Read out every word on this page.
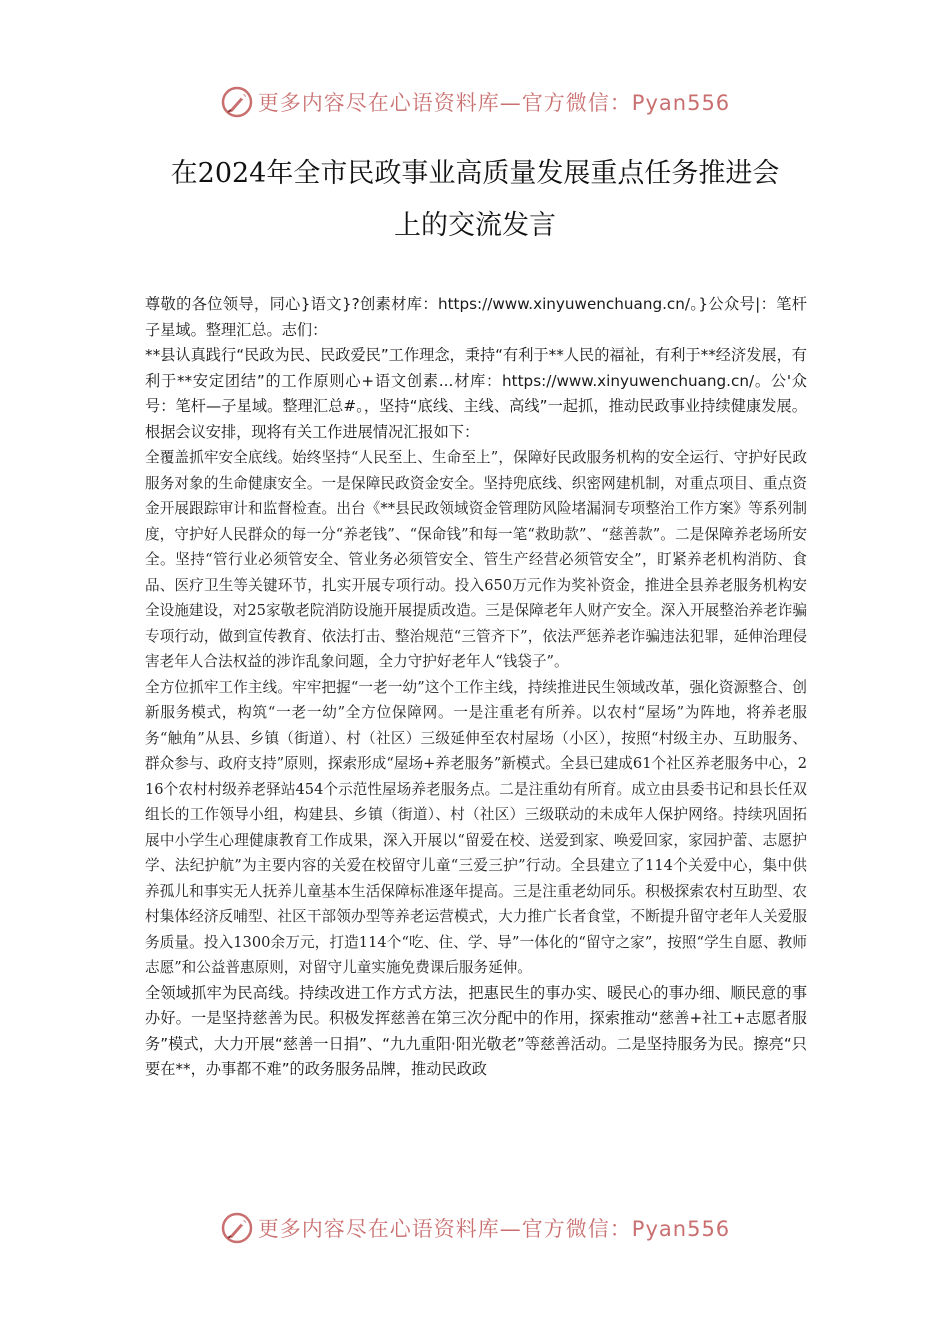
更多内容尽在心语资料库—官方微信：Pyan556
在2024年全市民政事业高质量发展重点任务推进会
上的交流发言

尊敬的各位领导，同心}语文}?创素材库：https://www.xinyuwenchuang.cn/。}公众号|：笔杆子星域。整理汇总。志们：

**县认真践行“民政为民、民政爱民”工作理念，秉持“有利于**人民的福祉，有利于**经济发展，有利于**安定团结”的工作原则心+语文创素...材库：https://www.xinyuwenchuang.cn/。公'众号：笔杆—子星域。整理汇总#。，坚持“底线、主线、高线”一起抓，推动民政事业持续健康发展。根据会议安排，现将有关工作进展情况汇报如下：

全覆盖抓牢安全底线。始终坚持“人民至上、生命至上”，保障好民政服务机构的安全运行、守护好民政服务对象的生命健康安全。一是保障民政资金安全。坚持兜底线、织密网建机制，对重点项目、重点资金开展跟踪审计和监督检查。出台《**县民政领域资金管理防风险堵漏洞专项整治工作方案》等系列制度，守护好人民群众的每一分“养老钱”、“保命钱”和每一笔“救助款”、“慈善款”。二是保障养老场所安全。坚持“管行业必须管安全、管业务必须管安全、管生产经营必须管安全”，盯紧养老机构消防、食品、医疗卫生等关键环节，扎实开展专项行动。投入650万元作为奖补资金，推进全县养老服务机构安全设施建设，对25家敬老院消防设施开展提质改造。三是保障老年人财产安全。深入开展整治养老诈骗专项行动，做到宣传教育、依法打击、整治规范“三管齐下”，依法严惩养老诈骗违法犯罪，延伸治理侵害老年人合法权益的涉诈乱象问题，全力守护好老年人“钱袋子”。

全方位抓牢工作主线。牢牢把握“一老一幼”这个工作主线，持续推进民生领域改革，强化资源整合、创新服务模式，构筑“一老一幼”全方位保障网。一是注重老有所养。以农村“屋场”为阵地，将养老服务“触角”从县、乡镇（街道）、村（社区）三级延伸至农村屋场（小区），按照“村级主办、互助服务、群众参与、政府支持”原则，探索形成“屋场+养老服务”新模式。全县已建成61个社区养老服务中心，216个农村村级养老驿站454个示范性屋场养老服务点。二是注重幼有所育。成立由县委书记和县长任双组长的工作领导小组，构建县、乡镇（街道）、村（社区）三级联动的未成年人保护网络。持续巩固拓展中小学生心理健康教育工作成果，深入开展以“留爱在校、送爱到家、唤爱回家，家园护蕾、志愿护学、法纪护航”为主要内容的关爱在校留守儿童“三爱三护”行动。全县建立了114个关爱中心，集中供养孤儿和事实无人抚养儿童基本生活保障标准逐年提高。三是注重老幼同乐。积极探索农村互助型、农村集体经济反哺型、社区干部领办型等养老运营模式，大力推广长者食堂，不断提升留守老年人关爱服务质量。投入1300余万元，打造114个“吃、住、学、导”一体化的“留守之家”，按照“学生自愿、教师志愿”和公益普惠原则，对留守儿童实施免费课后服务延伸。

全领域抓牢为民高线。持续改进工作方式方法，把惠民生的事办实、暖民心的事办细、顺民意的事办好。一是坚持慈善为民。积极发挥慈善在第三次分配中的作用，探索推动“慈善+社工+志愿者服务”模式，大力开展“慈善一日捐”、“九九重阳·阳光敬老”等慈善活动。二是坚持服务为民。擦亮“只要在**，办事都不难”的政务服务品牌，推动民政政

更多内容尽在心语资料库—官方微信：Pyan556
